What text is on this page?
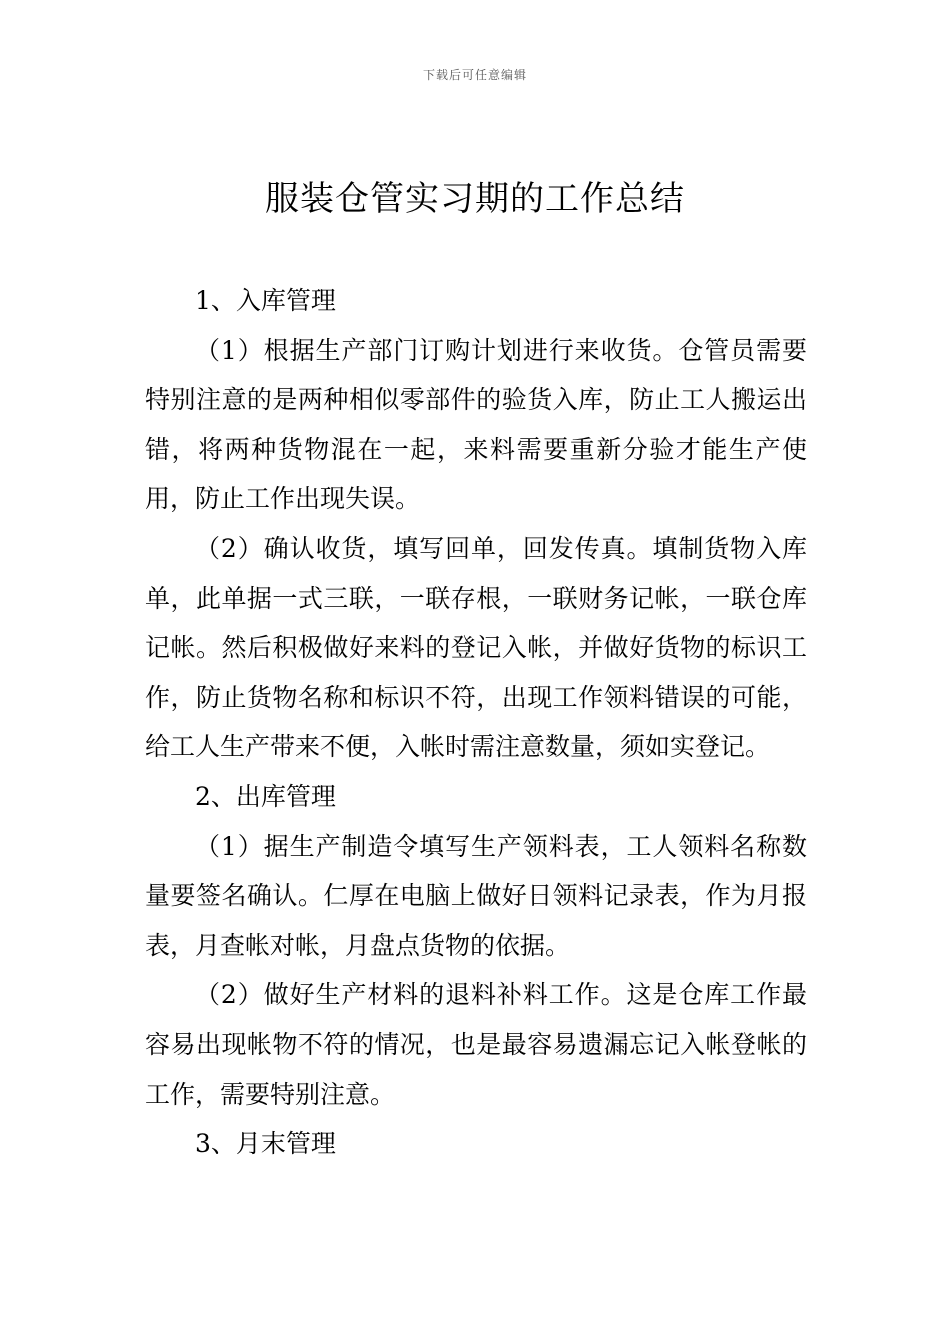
下载后可任意编辑
服装仓管实习期的工作总结

1、入库管理

（1）根据生产部门订购计划进行来收货。仓管员需要特别注意的是两种相似零部件的验货入库，防止工人搬运出错，将两种货物混在一起，来料需要重新分验才能生产使用，防止工作出现失误。

（2）确认收货，填写回单，回发传真。填制货物入库单，此单据一式三联，一联存根，一联财务记帐，一联仓库记帐。然后积极做好来料的登记入帐，并做好货物的标识工作，防止货物名称和标识不符，出现工作领料错误的可能，给工人生产带来不便，入帐时需注意数量，须如实登记。

2、出库管理

（1）据生产制造令填写生产领料表，工人领料名称数量要签名确认。仁厚在电脑上做好日领料记录表，作为月报表，月查帐对帐，月盘点货物的依据。

（2）做好生产材料的退料补料工作。这是仓库工作最容易出现帐物不符的情况，也是最容易遗漏忘记入帐登帐的工作，需要特别注意。

3、月末管理
